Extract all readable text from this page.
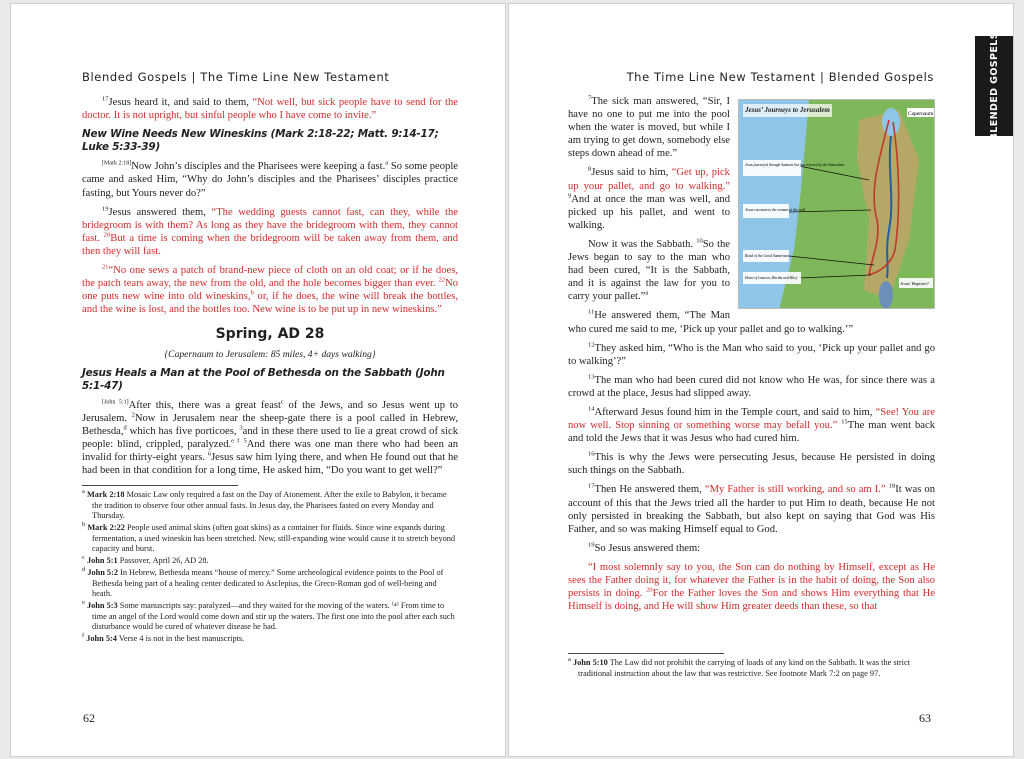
Blended Gospels | The Time Line New Testament

$^{17}$Jesus heard it, and said to them, “Not well, but sick people have to send for the doctor. It is not upright, but sinful people who I have come to invite.”

New Wine Needs New Wineskins (Mark 2:18-22; Matt. 9:14-17; Luke 5:33-39)

[Mark 2:18]Now John’s disciples and the Pharisees were keeping a fast.$^a$ So some people came and asked Him, “Why do John’s disciples and the Pharisees’ disciples practice fasting, but Yours never do?”

$^{19}$Jesus answered them, “The wedding guests cannot fast, can they, while the bridegroom is with them? As long as they have the bridegroom with them, they cannot fast. $^{20}$But a time is coming when the bridegroom will be taken away from them, and then they will fast.

$^{21}$“No one sews a patch of brand-new piece of cloth on an old coat; or if he does, the patch tears away, the new from the old, and the hole becomes bigger than ever. $^{22}$No one puts new wine into old wineskins,$^b$ or, if he does, the wine will break the bottles, and the wine is lost, and the bottles too. New wine is to be put up in new wineskins.”

Spring, AD 28
{Capernaum to Jerusalem: 85 miles, 4+ days walking}
Jesus Heals a Man at the Pool of Bethesda on the Sabbath (John 5:1-47)

[John 5:1]After this, there was a great feast$^c$ of the Jews, and so Jesus went up to Jerusalem. $^2$Now in Jerusalem near the sheep-gate there is a pool called in Hebrew, Bethesda,$^d$ which has five porticoes, $^3$and in these there used to lie a great crowd of sick people: blind, crippled, paralyzed.$^{e f}$ $^5$And there was one man there who had been an invalid for thirty-eight years. $^6$Jesus saw him lying there, and when He found out that he had been in that condition for a long time, He asked him, “Do you want to get well?”

$^a$ Mark 2:18 Mosaic Law only required a fast on the Day of Atonement. After the exile to Babylon, it became the tradition to observe four other annual fasts. In Jesus day, the Pharisees fasted on every Monday and Thursday.

$^b$ Mark 2:22 People used animal skins (often goat skins) as a container for fluids. Since wine expands during fermentation, a used wineskin has been stretched. New, still-expanding wine would cause it to stretch beyond capacity and burst.

$^c$ John 5:1 Passover, April 26, AD 28.

$^d$ John 5:2 In Hebrew, Bethesda means “house of mercy.” Some archeological evidence points to the Pool of Bethesda being part of a healing center dedicated to Asclepius, the Greco-Roman god of well-being and heath.

$^e$ John 5:3 Some manuscripts say: paralyzed—and they waited for the moving of the waters. ⁽⁴⁾ From time to time an angel of the Lord would come down and stir up the waters. The first one into the pool after each such disturbance would be cured of whatever disease he had.

$^f$ John 5:4 Verse 4 is not in the best manuscripts.

62
BLENDED GOSPELS
The Time Line New Testament | Blended Gospels
Capernaum
Jesus journeyed through Samaria but was rejected by the Samaritans
Jesus encounters the woman at the well
Road of the Good Samaritan
Home of Lazarus, Martha and Mary
Jesus’ Baptism?
Jesus’ Journeys to Jerusalem

$^7$The sick man answered, “Sir, I have no one to put me into the pool when the water is moved, but while I am trying to get down, somebody else steps down ahead of me.”

$^8$Jesus said to him, “Get up, pick up your pallet, and go to walking.” $^9$And at once the man was well, and picked up his pallet, and went to walking.

Now it was the Sabbath. $^{10}$So the Jews began to say to the man who had been cured, “It is the Sabbath, and it is against the law for you to carry your pallet.”$^a$

$^{11}$He answered them, “The Man who cured me said to me, ‘Pick up your pallet and go to walking.’”

$^{12}$They asked him, “Who is the Man who said to you, ‘Pick up your pallet and go to walking’?”

$^{13}$The man who had been cured did not know who He was, for since there was a crowd at the place, Jesus had slipped away.

$^{14}$Afterward Jesus found him in the Temple court, and said to him, “See! You are now well. Stop sinning or something worse may befall you.” $^{15}$The man went back and told the Jews that it was Jesus who had cured him.

$^{16}$This is why the Jews were persecuting Jesus, because He persisted in doing such things on the Sabbath.

$^{17}$Then He answered them, “My Father is still working, and so am I.” $^{18}$It was on account of this that the Jews tried all the harder to put Him to death, because He not only persisted in breaking the Sabbath, but also kept on saying that God was His Father, and so was making Himself equal to God.

$^{19}$So Jesus answered them:

“I most solemnly say to you, the Son can do nothing by Himself, except as He sees the Father doing it, for whatever the Father is in the habit of doing, the Son also persists in doing. $^{20}$For the Father loves the Son and shows Him everything that He Himself is doing, and He will show Him greater deeds than these, so that

$^a$ John 5:10 The Law did not prohibit the carrying of loads of any kind on the Sabbath. It was the strict traditional instruction about the law that was restrictive. See footnote Mark 7:2 on page 97.

63
